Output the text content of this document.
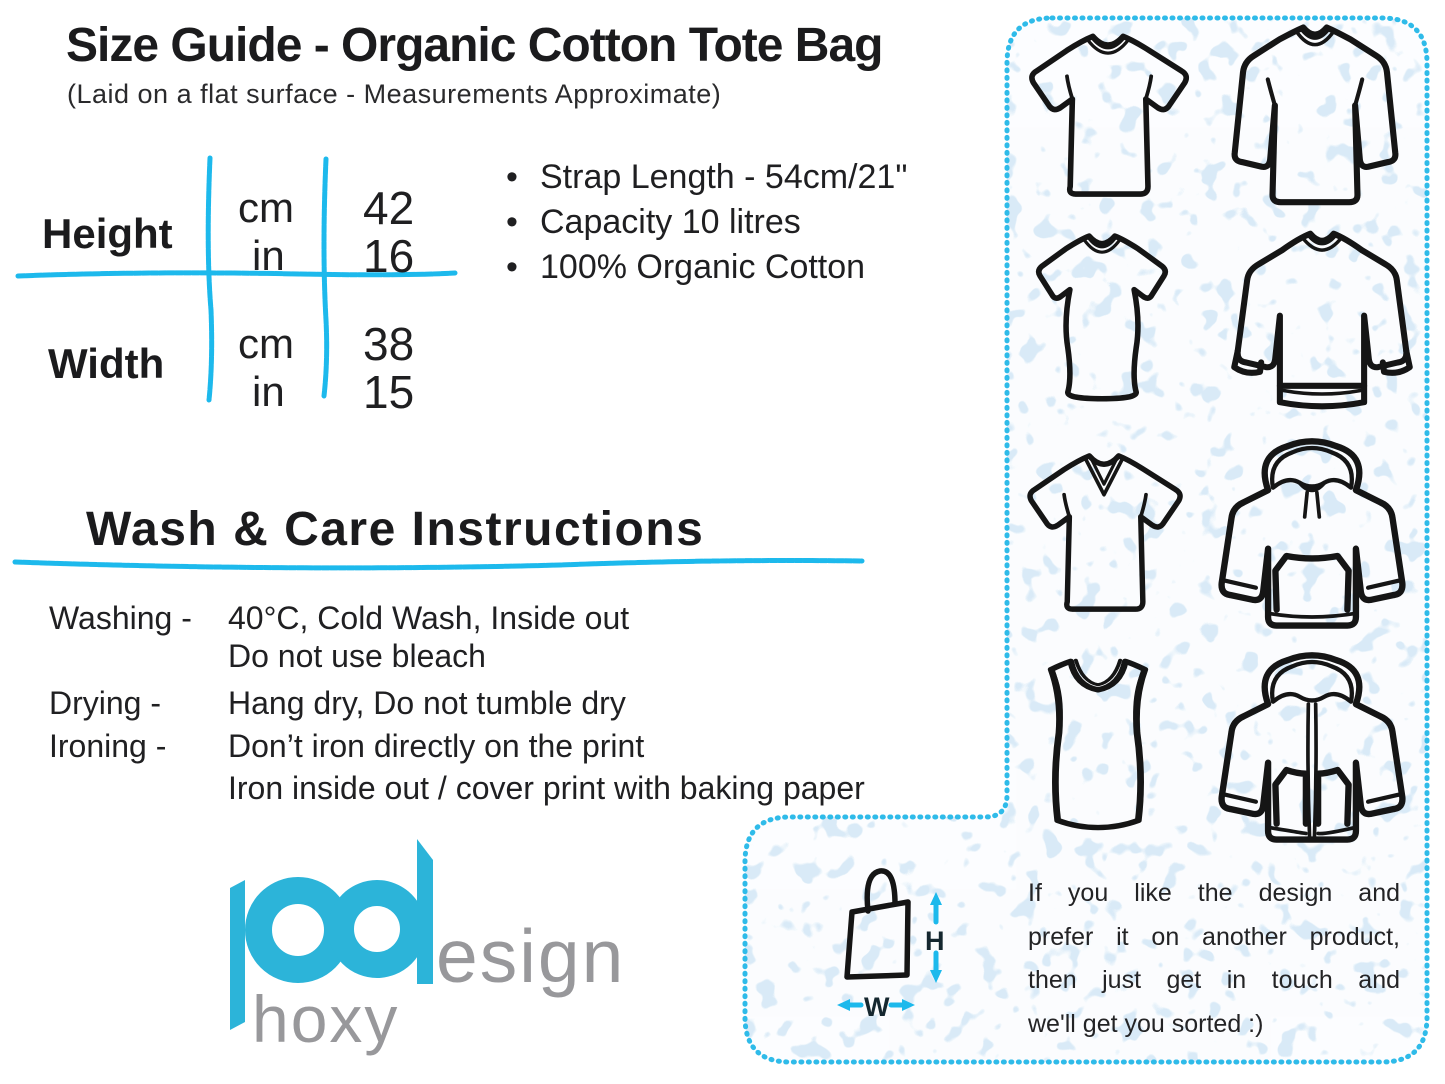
esign
hoxy
Size Guide - Organic Cotton Tote Bag
(Laid on a flat surface - Measurements Approximate)
Height
cm
in
42
16
Width cm
in
38
15
• Strap Length - 54cm/21"
• Capacity 10 litres
• 100% Organic Cotton
Wash & Care Instructions
Washing - 40°C, Cold Wash, Inside out
Do not use bleach
Drying - Hang dry, Do not tumble dry
Ironing - Don’t iron directly on the print
Iron inside out / cover print with baking paper
H
W
If you like the design and
prefer it on another product,
then just get in touch and
we'll get you sorted :)
